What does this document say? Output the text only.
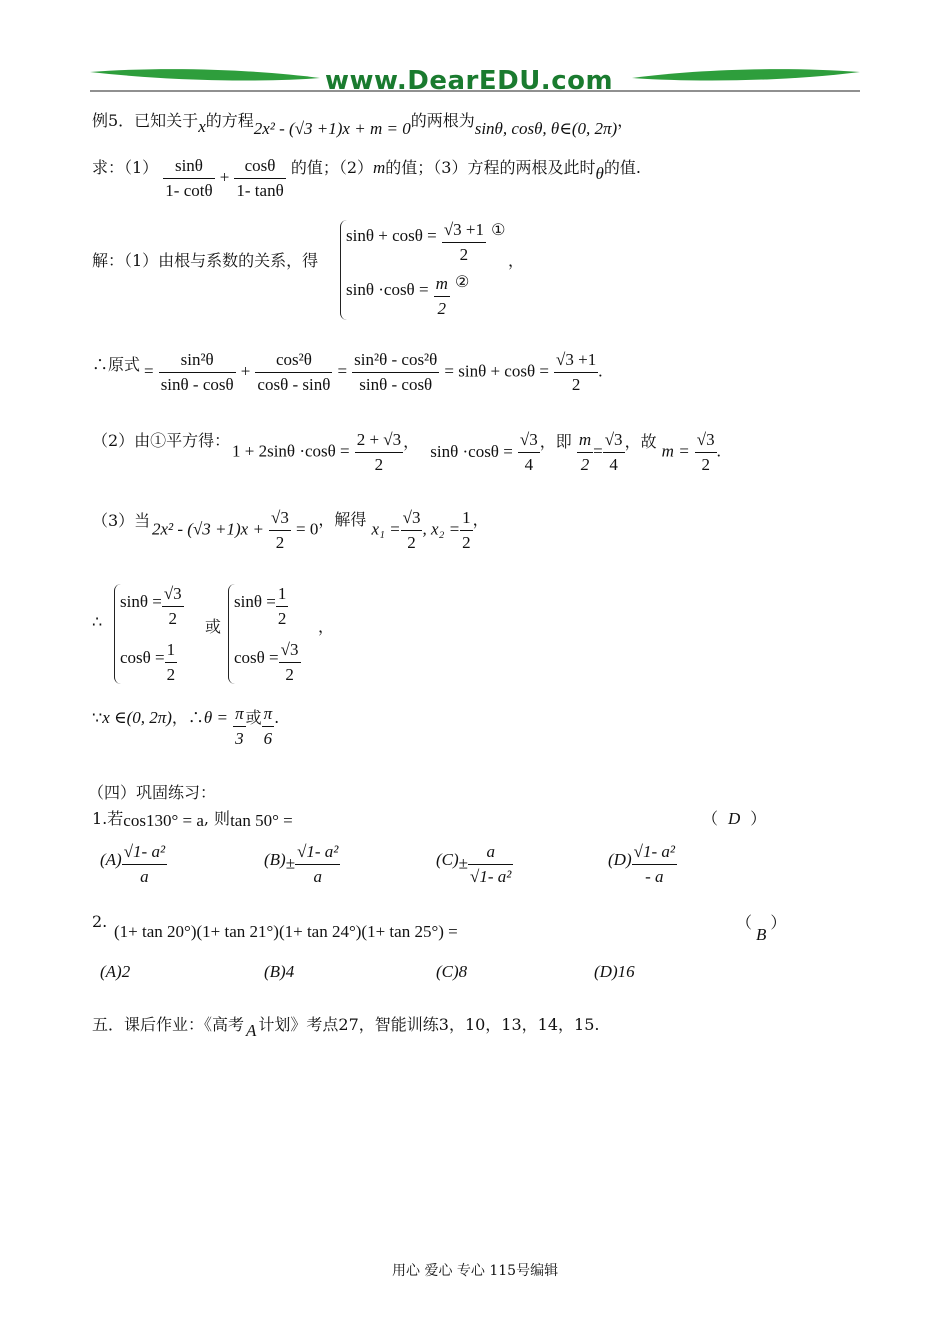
www.DearEDU.com
例5．已知关于x的方程2x² - (√3 +1)x + m = 0的两根为sinθ, cosθ, θ∈(0, 2π)，
求：$(1) \frac{\sin\theta}{1- \cot\theta} + \frac{\cos\theta}{1- \tan\theta}$ 的值；（2）m的值；（3）方程的两根及此时θ的值.
解：（1）由根与系数的关系，得
$\sin\theta + \cos\theta = \frac{√3 +1}{2}$ ①
，
$\sin\theta \cdot\cos\theta = \frac{m}{2}$ ②
∴原式 = $\frac{\text{sin²θ}}{\sin\theta - \cos\theta} + \frac{\text{cos²θ}}{\cos\theta - \sin\theta} = \frac{\text{sin²θ - cos²θ}}{\sin\theta - \cos\theta} = \sin\theta + \cos\theta = \frac{√3 +1}{2}$ .
（2）由①平方得：
$1 + 2\sin\theta \cdot\cos\theta = \frac{2 + √3}{2}$ ， $\sin\theta \cdot\cos\theta = \frac{√3}{4}$ ，即 $\frac{m}{2} = \frac{√3}{4}$ ，故 $m = \frac{√3}{2}$ .
（3）当 $2x^2 - (√3 +1)x + \frac{√3}{2} = 0$，解得 $x_1 = \frac{√3}{2}$ , $x_2 = \frac{1}{2}$ ，
∴
$\sin\theta = \frac{√3}{2}$
$\cos\theta = \frac{1}{2}$
或
$\sin\theta = \frac{1}{2}$
$\cos\theta = \frac{√3}{2}$
，
∵x ∈(0, 2π)，∴θ = $\frac{\pi}{3}$ 或 $\frac{\pi}{6}$ .
（四）巩固练习：
1.若cos130° = a, 则tan 50° =	（ D ）
$(A) \frac{\text{√1- a²}}{a}$	$(B)\pm \frac{\text{√1- a²}}{a}$	$(C)\pm \frac{a}{\text{√1- a²}}$	$(D) \frac{\text{√1- a²}}{- a}$
2.
(1+ tan 20°)(1+ tan 21°)(1+ tan 24°)(1+ tan 25°) =	（B）
(A)2	(B)4	(C)8	(D)16
五．课后作业：《高考 A 计划》考点27，智能训练3，10，13，14，15.
用心 爱心 专心 115号编辑
